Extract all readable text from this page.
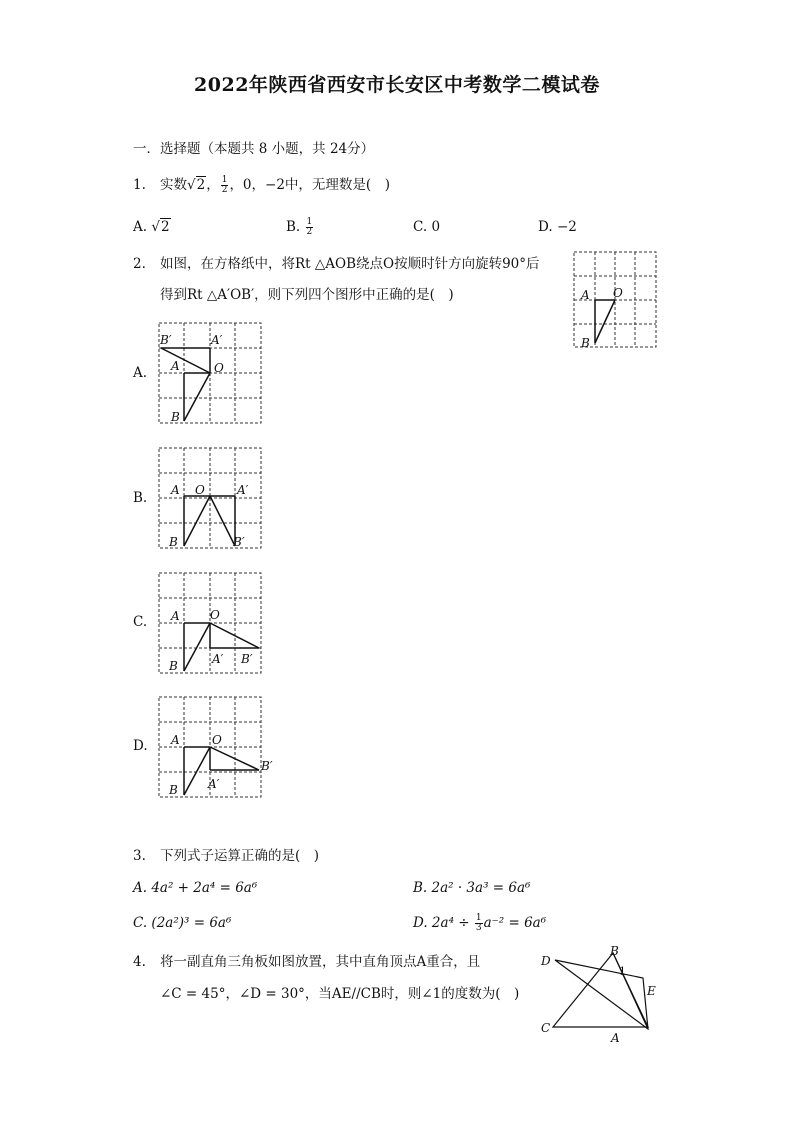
2022年陕西省西安市长安区中考数学二模试卷
一．选择题（本题共 8 小题，共 24分）
1. 实数√2， $\frac{1}{2}$ ，0，−2中，无理数是(　)
A. √2	B. $\frac{1}{2}$	C. 0	D. −2
2. 如图，在方格纸中，将Rt △AOB绕点O按顺时针方向旋转90°后
得到Rt △A′OB′，则下列四个图形中正确的是(　)	A O
B
A.
B′	A′
A	O
B
B. A O	A′
B	B′
C. A	O
A′ B′
B
D. A	O
B′
A′
B
3. 下列式子运算正确的是(　)
A. 4a² + 2a⁴ = 6a⁶	B. 2a² · 3a³ = 6a⁶
C. (2a²)³ = 6a⁶	D. $2a^4 \div \frac{1}{3} a^{-2} = 6a^6$
4. 将一副直角三角板如图放置，其中直角顶点A重合，且
∠C = 45°，∠D = 30°，当AE//CB时，则∠1的度数为(　)
D
B
1
E
C
A
